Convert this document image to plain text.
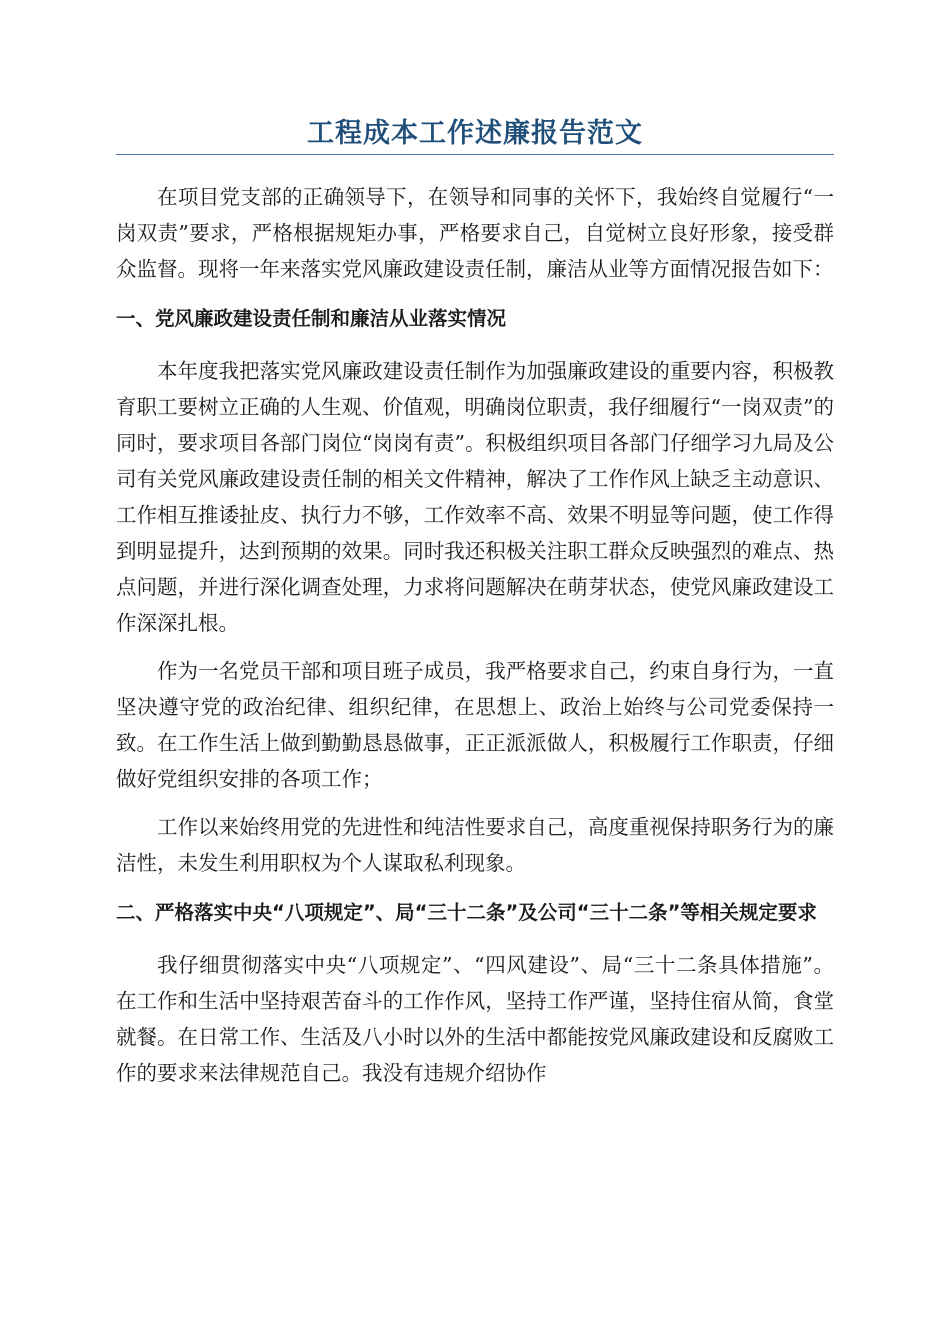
工程成本工作述廉报告范文

在项目党支部的正确领导下，在领导和同事的关怀下，我始终自觉履行“一岗双责”要求，严格根据规矩办事，严格要求自己，自觉树立良好形象，接受群众监督。现将一年来落实党风廉政建设责任制，廉洁从业等方面情况报告如下：

一、党风廉政建设责任制和廉洁从业落实情况

本年度我把落实党风廉政建设责任制作为加强廉政建设的重要内容，积极教育职工要树立正确的人生观、价值观，明确岗位职责，我仔细履行“一岗双责”的同时，要求项目各部门岗位“岗岗有责”。积极组织项目各部门仔细学习九局及公司有关党风廉政建设责任制的相关文件精神，解决了工作作风上缺乏主动意识、工作相互推诿扯皮、执行力不够，工作效率不高、效果不明显等问题，使工作得到明显提升，达到预期的效果。同时我还积极关注职工群众反映强烈的难点、热点问题，并进行深化调查处理，力求将问题解决在萌芽状态，使党风廉政建设工作深深扎根。

作为一名党员干部和项目班子成员，我严格要求自己，约束自身行为，一直坚决遵守党的政治纪律、组织纪律，在思想上、政治上始终与公司党委保持一致。在工作生活上做到勤勤恳恳做事，正正派派做人，积极履行工作职责，仔细做好党组织安排的各项工作；

工作以来始终用党的先进性和纯洁性要求自己，高度重视保持职务行为的廉洁性，未发生利用职权为个人谋取私利现象。

二、严格落实中央“八项规定”、局“三十二条”及公司“三十二条”等相关规定要求

我仔细贯彻落实中央“八项规定”、“四风建设”、局“三十二条具体措施”。在工作和生活中坚持艰苦奋斗的工作作风，坚持工作严谨，坚持住宿从简，食堂就餐。在日常工作、生活及八小时以外的生活中都能按党风廉政建设和反腐败工作的要求来法律规范自己。我没有违规介绍协作
